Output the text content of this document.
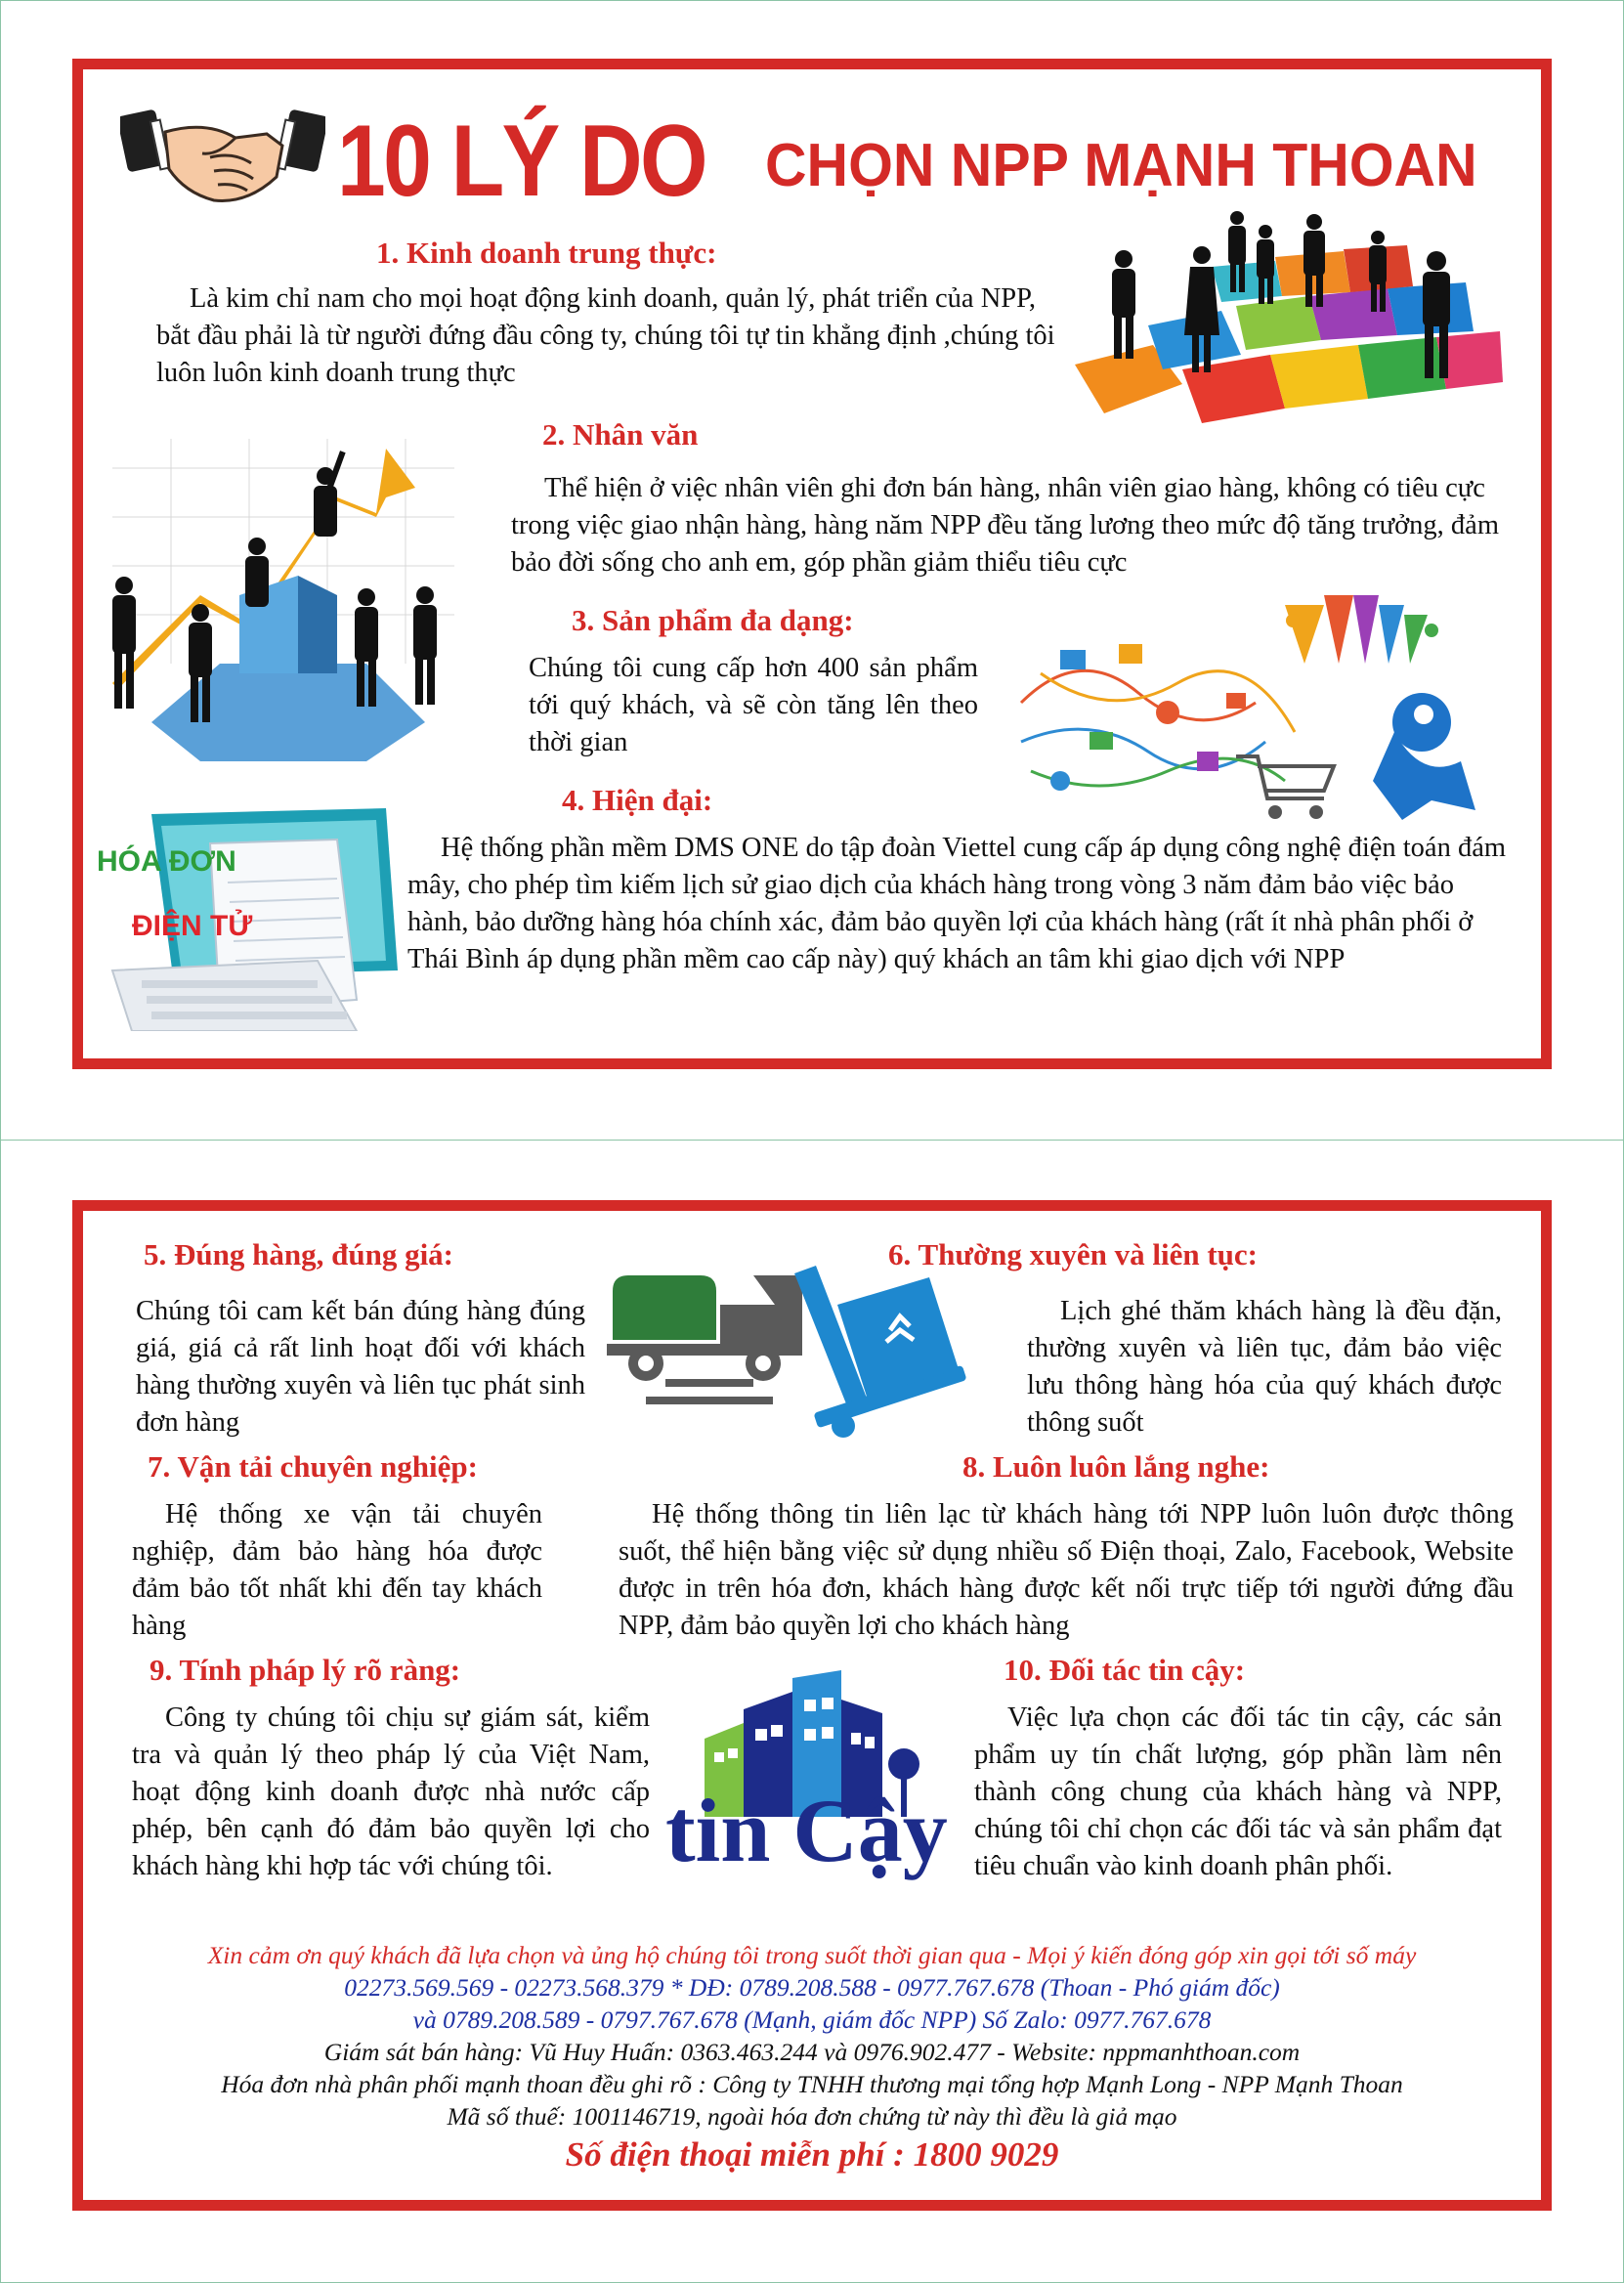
10 LÝ DO CHỌN NPP MẠNH THOAN
1. Kinh doanh trung thực:
Là kim chỉ nam cho mọi hoạt động kinh doanh, quản lý, phát triển của NPP, bắt đầu phải là từ người đứng đầu công ty, chúng tôi tự tin khẳng định ,chúng tôi luôn luôn kinh doanh trung thực
2. Nhân văn
Thể hiện ở việc nhân viên ghi đơn bán hàng, nhân viên giao hàng, không có tiêu cực trong việc giao nhận hàng, hàng năm NPP đều tăng lương theo mức độ tăng trưởng, đảm bảo đời sống cho anh em, góp phần giảm thiểu tiêu cực
3. Sản phẩm đa dạng:
Chúng tôi cung cấp hơn 400 sản phẩm tới quý khách, và sẽ còn tăng lên theo thời gian
HÓA ĐƠN
ĐIỆN TỬ
4. Hiện đại:
Hệ thống phần mềm DMS ONE do tập đoàn Viettel cung cấp áp dụng công nghệ điện toán đám mây, cho phép tìm kiếm lịch sử giao dịch của khách hàng trong vòng 3 năm đảm bảo việc bảo hành, bảo dưỡng hàng hóa chính xác, đảm bảo quyền lợi của khách hàng (rất ít nhà phân phối ở Thái Bình áp dụng phần mềm cao cấp này) quý khách an tâm khi giao dịch với NPP
5. Đúng hàng, đúng giá:
Chúng tôi cam kết bán đúng hàng đúng giá, giá cả rất linh hoạt đối với khách hàng thường xuyên và liên tục phát sinh đơn hàng
6. Thường xuyên và liên tục:
Lịch ghé thăm khách hàng là đều đặn, thường xuyên và liên tục, đảm bảo việc lưu thông hàng hóa của quý khách được thông suốt
7. Vận tải chuyên nghiệp:
Hệ thống xe vận tải chuyên nghiệp, đảm bảo hàng hóa được đảm bảo tốt nhất khi đến tay khách hàng
8. Luôn luôn lắng nghe:
Hệ thống thông tin liên lạc từ khách hàng tới NPP luôn luôn được thông suốt, thể hiện bằng việc sử dụng nhiều số Điện thoại, Zalo, Facebook, Website được in trên hóa đơn, khách hàng được kết nối trực tiếp tới người đứng đầu NPP, đảm bảo quyền lợi cho khách hàng
9. Tính pháp lý rõ ràng:
Công ty chúng tôi chịu sự giám sát, kiểm tra và quản lý theo pháp lý của Việt Nam, hoạt động kinh doanh được nhà nước cấp phép, bên cạnh đó đảm bảo quyền lợi cho khách hàng khi hợp tác với chúng tôi.	tin Cậy
10. Đối tác tin cậy:
Việc lựa chọn các đối tác tin cậy, các sản phẩm uy tín chất lượng, góp phần làm nên thành công chung của khách hàng và NPP, chúng tôi chỉ chọn các đối tác và sản phẩm đạt tiêu chuẩn vào kinh doanh phân phối.
Xin cảm ơn quý khách đã lựa chọn và ủng hộ chúng tôi trong suốt thời gian qua - Mọi ý kiến đóng góp xin gọi tới số máy
02273.569.569 - 02273.568.379 * DĐ: 0789.208.588 - 0977.767.678 (Thoan - Phó giám đốc)
và 0789.208.589 - 0797.767.678 (Mạnh, giám đốc NPP) Số Zalo: 0977.767.678
Giám sát bán hàng: Vũ Huy Huấn: 0363.463.244 và 0976.902.477 - Website: nppmanhthoan.com
Hóa đơn nhà phân phối mạnh thoan đều ghi rõ : Công ty TNHH thương mại tổng hợp Mạnh Long - NPP Mạnh Thoan
Mã số thuế: 1001146719, ngoài hóa đơn chứng từ này thì đều là giả mạo
Số điện thoại miễn phí : 1800 9029
